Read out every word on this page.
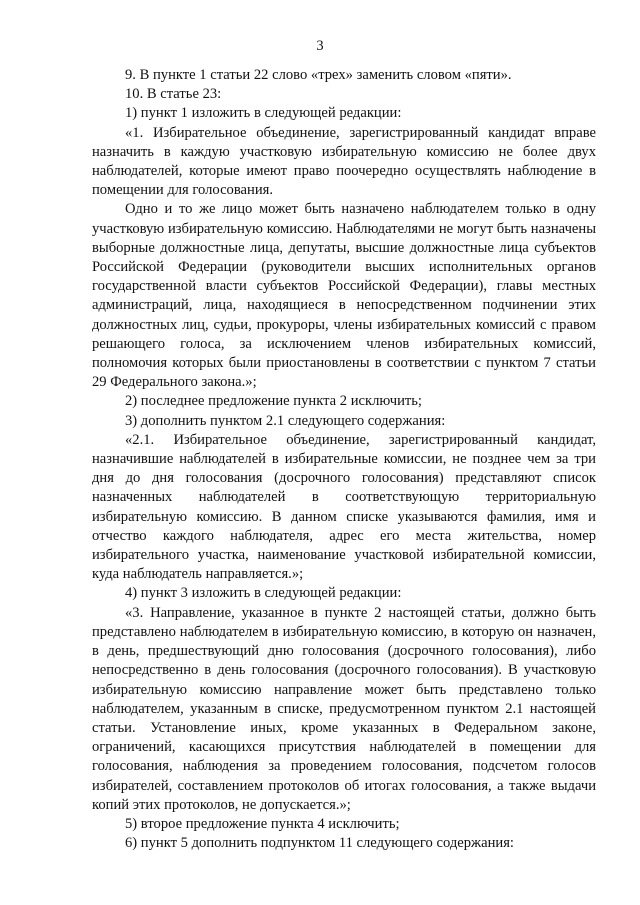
3

9. В пункте 1 статьи 22 слово «трех» заменить словом «пяти».

10. В статье 23:

1) пункт 1 изложить в следующей редакции:

«1. Избирательное объединение, зарегистрированный кандидат вправе назначить в каждую участковую избирательную комиссию не более двух наблюдателей, которые имеют право поочередно осуществлять наблюдение в помещении для голосования.

Одно и то же лицо может быть назначено наблюдателем только в одну участковую избирательную комиссию. Наблюдателями не могут быть назначены выборные должностные лица, депутаты, высшие должностные лица субъектов Российской Федерации (руководители высших исполнительных органов государственной власти субъектов Российской Федерации), главы местных администраций, лица, находящиеся в непосредственном подчинении этих должностных лиц, судьи, прокуроры, члены избирательных комиссий с правом решающего голоса, за исключением членов избирательных комиссий, полномочия которых были приостановлены в соответствии с пунктом 7 статьи 29 Федерального закона.»;

2) последнее предложение пункта 2 исключить;

3) дополнить пунктом 2.1 следующего содержания:

«2.1. Избирательное объединение, зарегистрированный кандидат, назначившие наблюдателей в избирательные комиссии, не позднее чем за три дня до дня голосования (досрочного голосования) представляют список назначенных наблюдателей в соответствующую территориальную избирательную комиссию. В данном списке указываются фамилия, имя и отчество каждого наблюдателя, адрес его места жительства, номер избирательного участка, наименование участковой избирательной комиссии, куда наблюдатель направляется.»;

4) пункт 3 изложить в следующей редакции:

«3. Направление, указанное в пункте 2 настоящей статьи, должно быть представлено наблюдателем в избирательную комиссию, в которую он назначен, в день, предшествующий дню голосования (досрочного голосования), либо непосредственно в день голосования (досрочного голосования). В участковую избирательную комиссию направление может быть представлено только наблюдателем, указанным в списке, предусмотренном пунктом 2.1 настоящей статьи. Установление иных, кроме указанных в Федеральном законе, ограничений, касающихся присутствия наблюдателей в помещении для голосования, наблюдения за проведением голосования, подсчетом голосов избирателей, составлением протоколов об итогах голосования, а также выдачи копий этих протоколов, не допускается.»;

5) второе предложение пункта 4 исключить;

6) пункт 5 дополнить подпунктом 11 следующего содержания:
